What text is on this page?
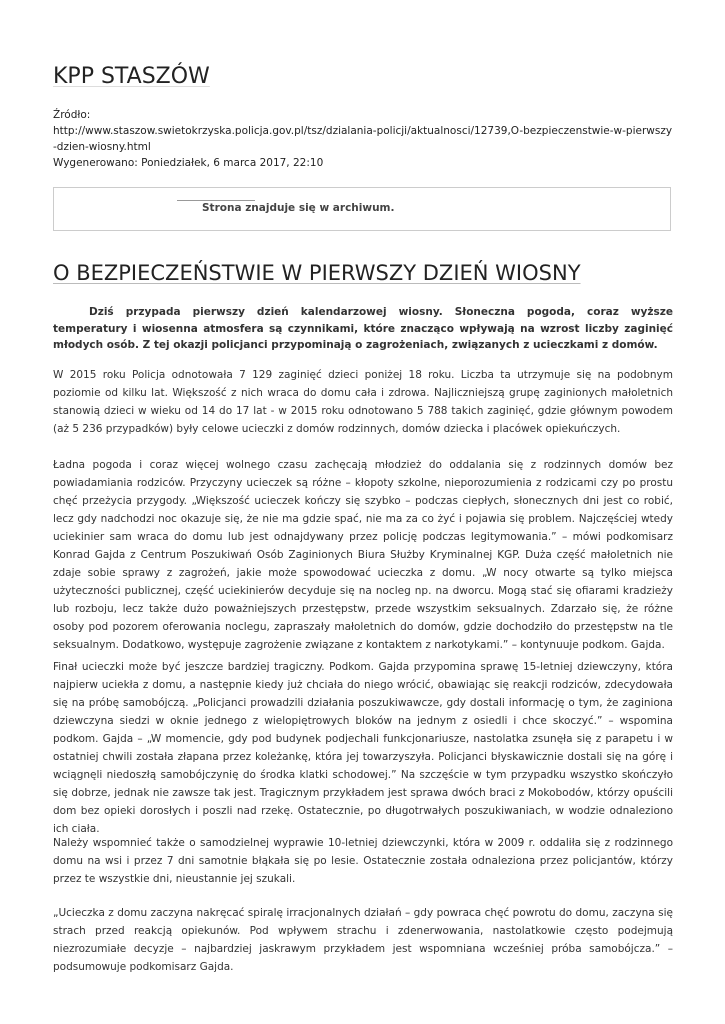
KPP STASZÓW
Źródło:
http://www.staszow.swietokrzyska.policja.gov.pl/tsz/dzialania-policji/aktualnosci/12739,O-bezpieczenstwie-w-pierwszy-dzien-wiosny.html
Wygenerowano: Poniedziałek, 6 marca 2017, 22:10
Strona znajduje się w archiwum.
O BEZPIECZEŃSTWIE W PIERWSZY DZIEŃ WIOSNY

Dziś przypada pierwszy dzień kalendarzowej wiosny. Słoneczna pogoda, coraz wyższe temperatury i wiosenna atmosfera są czynnikami, które znacząco wpływają na wzrost liczby zaginięć młodych osób. Z tej okazji policjanci przypominają o zagrożeniach, związanych z ucieczkami z domów.

W 2015 roku Policja odnotowała 7 129 zaginięć dzieci poniżej 18 roku. Liczba ta utrzymuje się na podobnym poziomie od kilku lat. Większość z nich wraca do domu cała i zdrowa. Najliczniejszą grupę zaginionych małoletnich stanowią dzieci w wieku od 14 do 17 lat - w 2015 roku odnotowano 5 788 takich zaginięć, gdzie głównym powodem (aż 5 236 przypadków) były celowe ucieczki z domów rodzinnych, domów dziecka i placówek opiekuńczych.

Ładna pogoda i coraz więcej wolnego czasu zachęcają młodzież do oddalania się z rodzinnych domów bez powiadamiania rodziców. Przyczyny ucieczek są różne – kłopoty szkolne, nieporozumienia z rodzicami czy po prostu chęć przeżycia przygody. „Większość ucieczek kończy się szybko – podczas ciepłych, słonecznych dni jest co robić, lecz gdy nadchodzi noc okazuje się, że nie ma gdzie spać, nie ma za co żyć i pojawia się problem. Najczęściej wtedy uciekinier sam wraca do domu lub jest odnajdywany przez policję podczas legitymowania.” – mówi podkomisarz Konrad Gajda z Centrum Poszukiwań Osób Zaginionych Biura Służby Kryminalnej KGP. Duża część małoletnich nie zdaje sobie sprawy z zagrożeń, jakie może spowodować ucieczka z domu. „W nocy otwarte są tylko miejsca użyteczności publicznej, część uciekinierów decyduje się na nocleg np. na dworcu. Mogą stać się ofiarami kradzieży lub rozboju, lecz także dużo poważniejszych przestępstw, przede wszystkim seksualnych. Zdarzało się, że różne osoby pod pozorem oferowania noclegu, zapraszały małoletnich do domów, gdzie dochodziło do przestępstw na tle seksualnym. Dodatkowo, występuje zagrożenie związane z kontaktem z narkotykami.” – kontynuuje podkom. Gajda.

Finał ucieczki może być jeszcze bardziej tragiczny. Podkom. Gajda przypomina sprawę 15-letniej dziewczyny, która najpierw uciekła z domu, a następnie kiedy już chciała do niego wrócić, obawiając się reakcji rodziców, zdecydowała się na próbę samobójczą. „Policjanci prowadzili działania poszukiwawcze, gdy dostali informację o tym, że zaginiona dziewczyna siedzi w oknie jednego z wielopiętrowych bloków na jednym z osiedli i chce skoczyć.” – wspomina podkom. Gajda – „W momencie, gdy pod budynek podjechali funkcjonariusze, nastolatka zsunęła się z parapetu i w ostatniej chwili została złapana przez koleżankę, która jej towarzyszyła. Policjanci błyskawicznie dostali się na górę i wciągnęli niedoszłą samobójczynię do środka klatki schodowej.” Na szczęście w tym przypadku wszystko skończyło się dobrze, jednak nie zawsze tak jest. Tragicznym przykładem jest sprawa dwóch braci z Mokobodów, którzy opuścili dom bez opieki dorosłych i poszli nad rzekę. Ostatecznie, po długotrwałych poszukiwaniach, w wodzie odnaleziono ich ciała.

Należy wspomnieć także o samodzielnej wyprawie 10-letniej dziewczynki, która w 2009 r. oddaliła się z rodzinnego domu na wsi i przez 7 dni samotnie błąkała się po lesie. Ostatecznie została odnaleziona przez policjantów, którzy przez te wszystkie dni, nieustannie jej szukali.

„Ucieczka z domu zaczyna nakręcać spiralę irracjonalnych działań – gdy powraca chęć powrotu do domu, zaczyna się strach przed reakcją opiekunów. Pod wpływem strachu i zdenerwowania, nastolatkowie często podejmują niezrozumiałe decyzje – najbardziej jaskrawym przykładem jest wspomniana wcześniej próba samobójcza.” – podsumowuje podkomisarz Gajda.
